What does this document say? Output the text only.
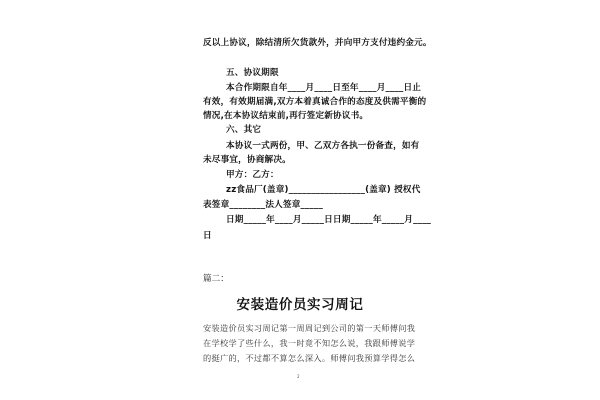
反以上协议，除结清所欠货款外，并向甲方支付违约金元。
五、协议期限
本合作期限自年____月____日至年____月____日止
有效，有效期届满,双方本着真诚合作的态度及供需平衡的
情况,在本协议结束前,再行签定新协议书。
六、其它
本协议一式两份，甲、乙双方各执一份备查，如有
未尽事宜，协商解决。
甲方：乙方：
zz食品厂(盖章)_________________(盖章) 授权代
表签章________法人签章_____
日期_____年____月_____日日期_____年_____月____
日
篇二：
安装造价员实习周记
安装造价员实习周记第一周周记到公司的第一天师傅问我
在学校学了些什么，我一时竟不知怎么说，我跟师傅说学
的挺广的，不过都不算怎么深入。师傅问我预算学得怎么
2
